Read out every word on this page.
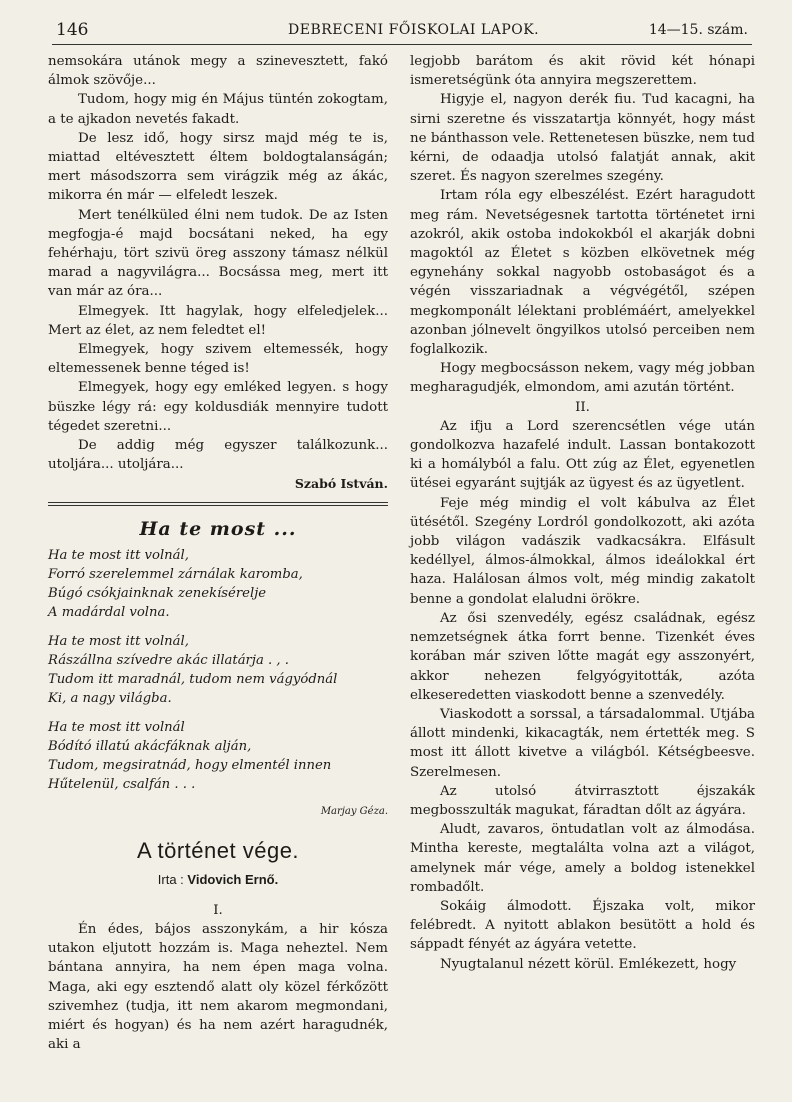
146	DEBRECENI FŐISKOLAI LAPOK.	14—15. szám.

nemsokára utánok megy a szinevesztett, fakó álmok szövője...

Tudom, hogy mig én Május tüntén zokogtam, a te ajkadon nevetés fakadt.

De lesz idő, hogy sirsz majd még te is, miattad eltévesztett éltem boldogtalanságán; mert másodszorra sem virágzik még az ákác, mikorra én már — elfeledt leszek.

Mert tenélküled élni nem tudok. De az Isten megfogja-é majd bocsátani neked, ha egy fehérhaju, tört szivü öreg asszony támasz nélkül marad a nagyvilágra... Bocsássa meg, mert itt van már az óra...

Elmegyek. Itt hagylak, hogy elfeledjelek... Mert az élet, az nem feledtet el!

Elmegyek, hogy szivem eltemessék, hogy eltemessenek benne téged is!

Elmegyek, hogy egy emléked legyen. s hogy büszke légy rá: egy koldusdiák mennyire tudott tégedet szeretni...

De addig még egyszer találkozunk... utoljára... utoljára...

Szabó István.

Ha te most ...
Ha te most itt volnál,
Forró szerelemmel zárnálak karomba,
Búgó csókjainknak zenekísérelje
A madárdal volna.
Ha te most itt volnál,
Rászállna szívedre akác illatárja . , .
Tudom itt maradnál, tudom nem vágyódnál
Ki, a nagy világba.
Ha te most itt volnál
Bódító illatú akácfáknak alján,
Tudom, megsiratnád, hogy elmentél innen
Hűtelenül, csalfán . . .

Marjay Géza.

A történet vége.
Irta : Vidovich Ernő.

I.

Én édes, bájos asszonykám, a hir kósza utakon eljutott hozzám is. Maga neheztel. Nem bántana annyira, ha nem épen maga volna. Maga, aki egy esztendő alatt oly közel férkőzött szivemhez (tudja, itt nem akarom megmondani, miért és hogyan) és ha nem azért haragudnék, aki a

legjobb barátom és akit rövid két hónapi ismeretségünk óta annyira megszerettem.

Higyje el, nagyon derék fiu. Tud kacagni, ha sirni szeretne és visszatartja könnyét, hogy mást ne bánthasson vele. Rettenetesen büszke, nem tud kérni, de odaadja utolsó falatját annak, akit szeret. És nagyon szerelmes szegény.

Irtam róla egy elbeszélést. Ezért haragudott meg rám. Nevetségesnek tartotta történetet irni azokról, akik ostoba indokokból el akarják dobni magoktól az Életet s közben elkövetnek még egynehány sokkal nagyobb ostobaságot és a végén visszariadnak a végvégétől, szépen megkomponált lélektani problémáért, amelyekkel azonban jólnevelt öngyilkos utolsó perceiben nem foglalkozik.

Hogy megbocsásson nekem, vagy még jobban megharagudjék, elmondom, ami azután történt.

II.

Az ifju a Lord szerencsétlen vége után gondolkozva hazafelé indult. Lassan bontakozott ki a homályból a falu. Ott zúg az Élet, egyenetlen ütései egyaránt sujtják az ügyest és az ügyetlent.

Feje még mindig el volt kábulva az Élet ütésétől. Szegény Lordról gondolkozott, aki azóta jobb világon vadászik vadkacsákra. Elfásult kedéllyel, álmos-álmokkal, álmos ideálokkal ért haza. Halálosan álmos volt, még mindig zakatolt benne a gondolat elaludni örökre.

Az ősi szenvedély, egész családnak, egész nemzetségnek átka forrt benne. Tizenkét éves korában már sziven lőtte magát egy asszonyért, akkor nehezen felgyógyitották, azóta elkeseredetten viaskodott benne a szenvedély.

Viaskodott a sorssal, a társadalommal. Utjába állott mindenki, kikacagták, nem értették meg. S most itt állott kivetve a világból. Kétségbeesve. Szerelmesen.

Az utolsó átvirrasztott éjszakák megbosszulták magukat, fáradtan dőlt az ágyára.

Aludt, zavaros, öntudatlan volt az álmodása. Mintha kereste, megtalálta volna azt a világot, amelynek már vége, amely a boldog istenekkel rombadőlt.

Sokáig álmodott. Éjszaka volt, mikor felébredt. A nyitott ablakon besütött a hold és sáppadt fényét az ágyára vetette.

Nyugtalanul nézett körül. Emlékezett, hogy
